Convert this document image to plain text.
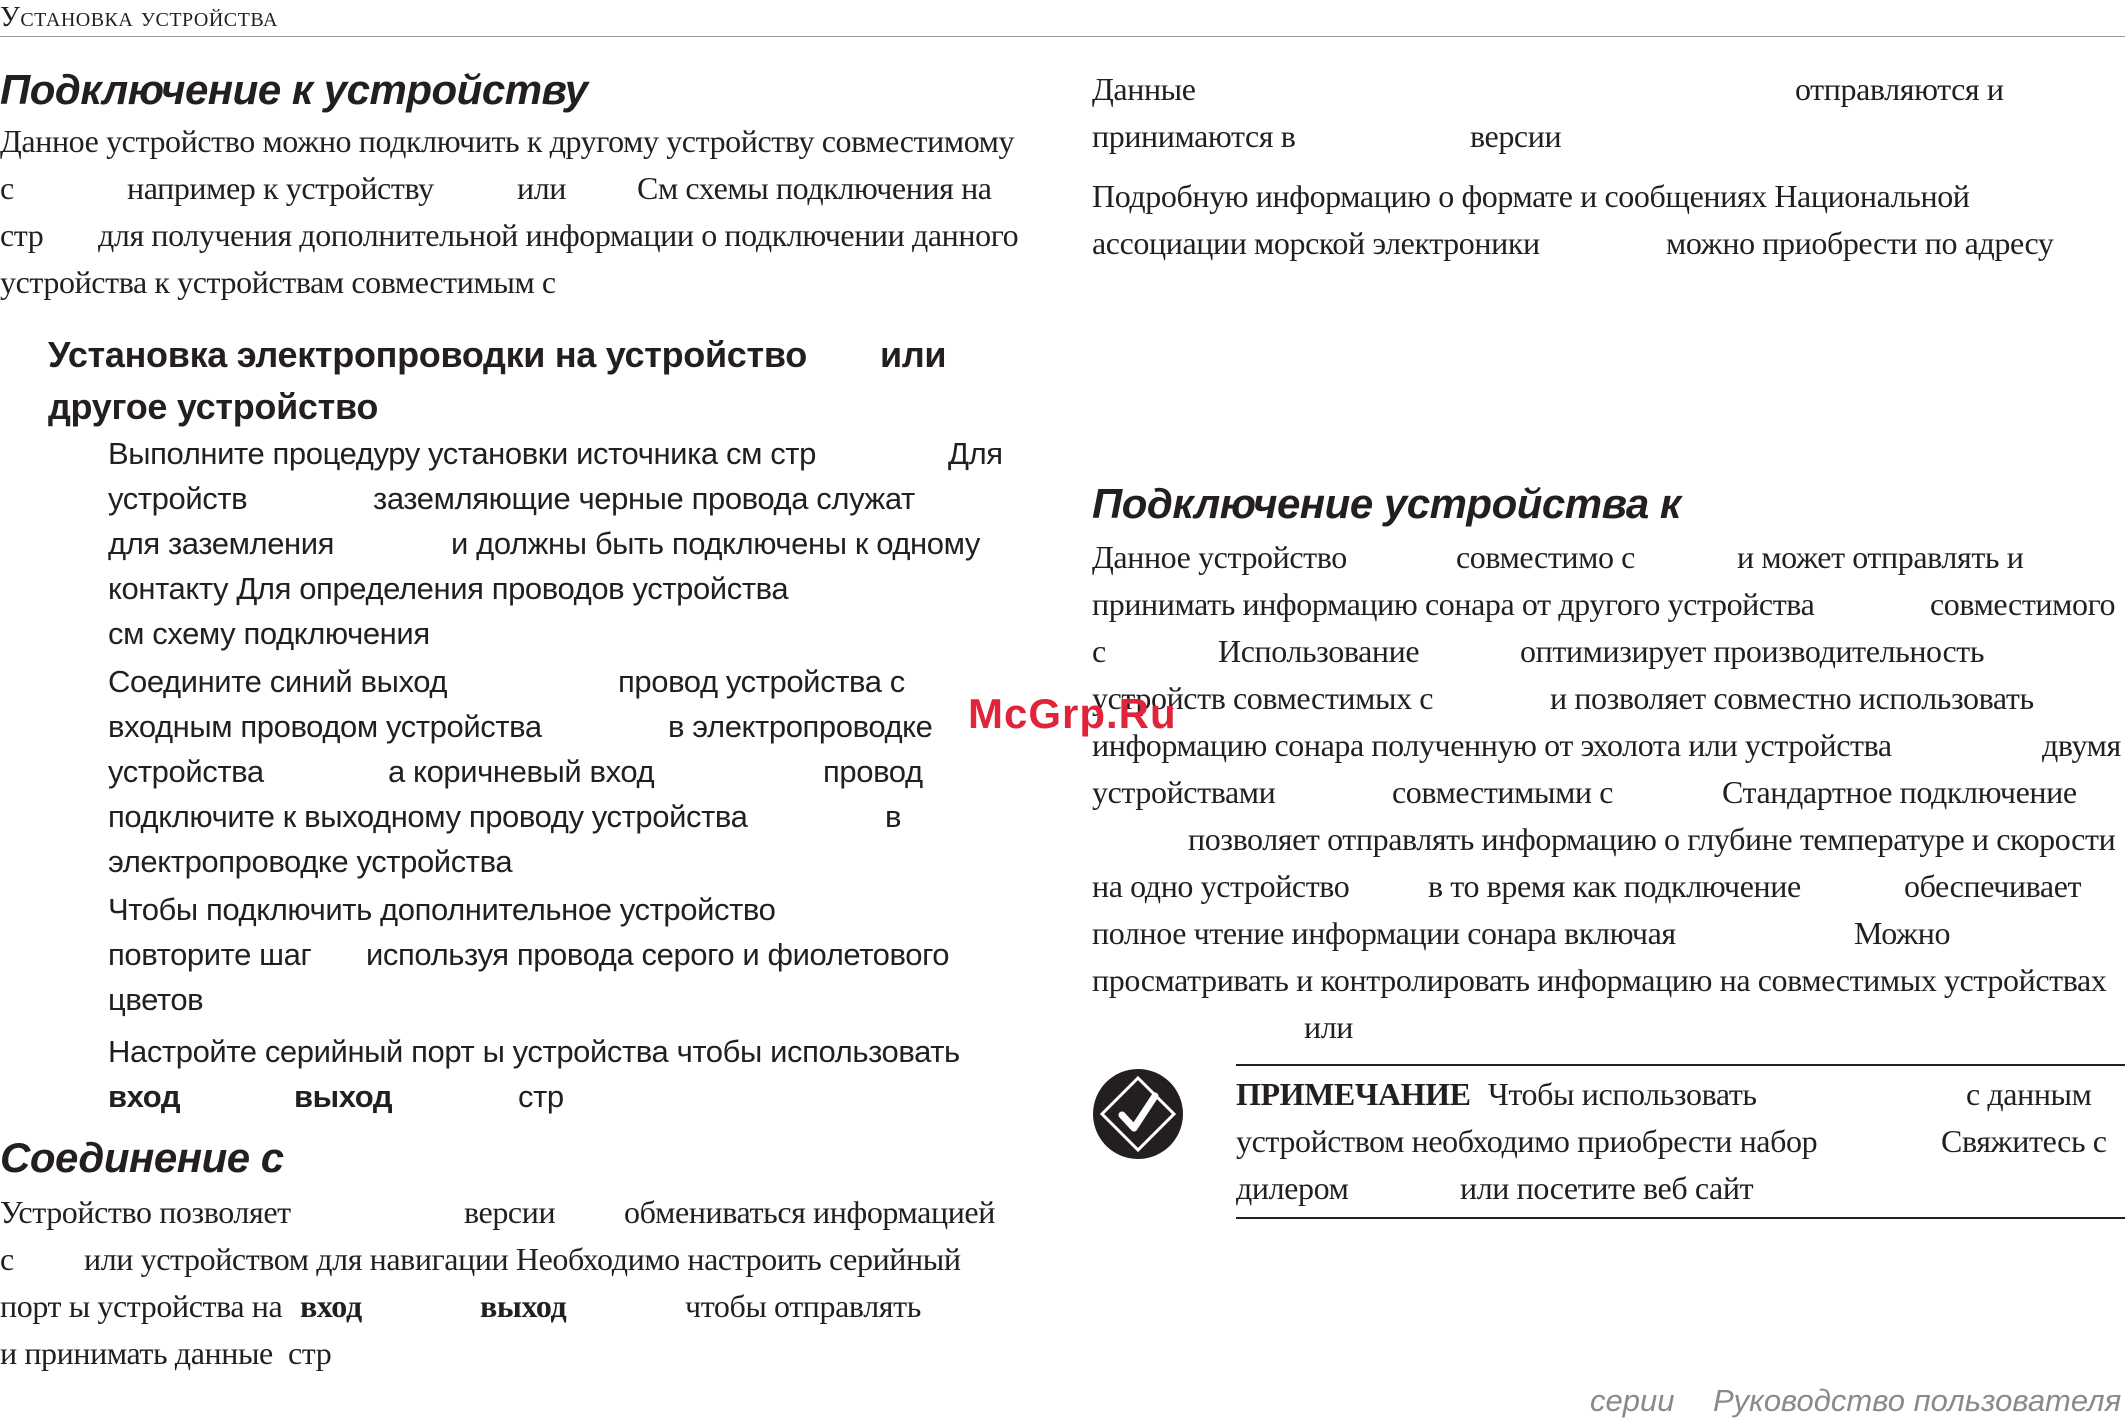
Установка устройства
Подключение к устройству
Данное устройство можно подключить к другому устройству совместимому
с	например к устройству	или См схемы подключения на
стр для получения дополнительной информации о подключении данного
устройства к устройствам совместимым с
Установка электропроводки на устройство или
другое устройство
Выполните процедуру установки источника см стр	Для
устройств	заземляющие черные провода служат
для заземления	и должны быть подключены к одному
контакту Для определения проводов устройства
см схему подключения
Соедините синий выход	провод устройства с
входным проводом устройства	в электропроводке
устройства	а коричневый вход	провод
подключите к выходному проводу устройства	в
электропроводке устройства
Чтобы подключить дополнительное устройство
повторите шаг используя провода серого и фиолетового
цветов
Настройте серийный порт ы устройства чтобы использовать
вход	выход	стр
Соединение с
Устройство позволяет	версии обмениваться информацией
с или устройством для навигации Необходимо настроить серийный
порт ы устройства на вход	выход	чтобы отправлять
и принимать данные стр
Данные	отправляются и
принимаются в	версии
Подробную информацию о формате и сообщениях Национальной
ассоциации морской электроники	можно приобрести по адресу
Подключение устройства к
Данное устройство	совместимо с	и может отправлять и
принимать информацию сонара от другого устройства	совместимого
с	Использование	оптимизирует производительность
устройств совместимых с	и позволяет совместно использовать
информацию сонара полученную от эхолота или устройства	двумя
устройствами	совместимыми с	Стандартное подключение
позволяет отправлять информацию о глубине температуре и скорости
на одно устройство в то время как подключение	обеспечивает
полное чтение информации сонара включая	Можно
просматривать и контролировать информацию на совместимых устройствах
или
ПРИМЕЧАНИЕ Чтобы использовать	с данным
устройством необходимо приобрести набор	Свяжитесь с
дилером	или посетите веб сайт
McGrp.Ru
серии Руководство пользователя
